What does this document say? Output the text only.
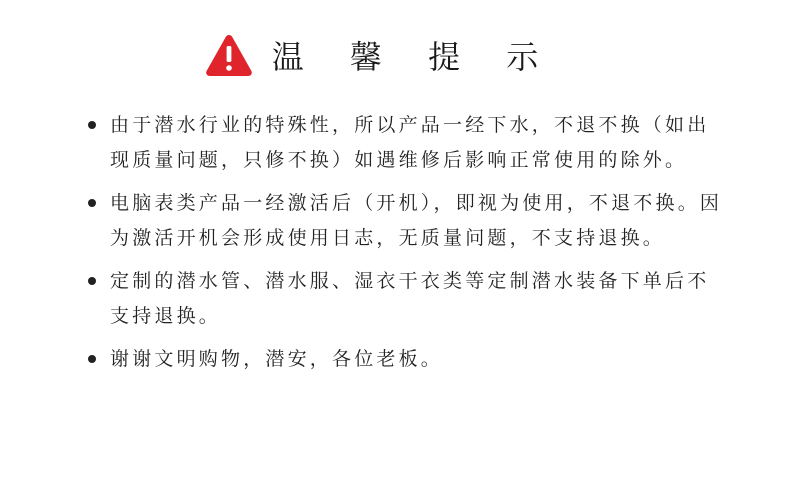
温 馨 提 示
由于潜水行业的特殊性，所以产品一经下水，不退不换（如出现质量问题，只修不换）如遇维修后影响正常使用的除外。
电脑表类产品一经激活后（开机），即视为使用，不退不换。因为激活开机会形成使用日志，无质量问题，不支持退换。
定制的潜水管、潜水服、湿衣干衣类等定制潜水装备下单后不支持退换。
谢谢文明购物，潜安，各位老板。
